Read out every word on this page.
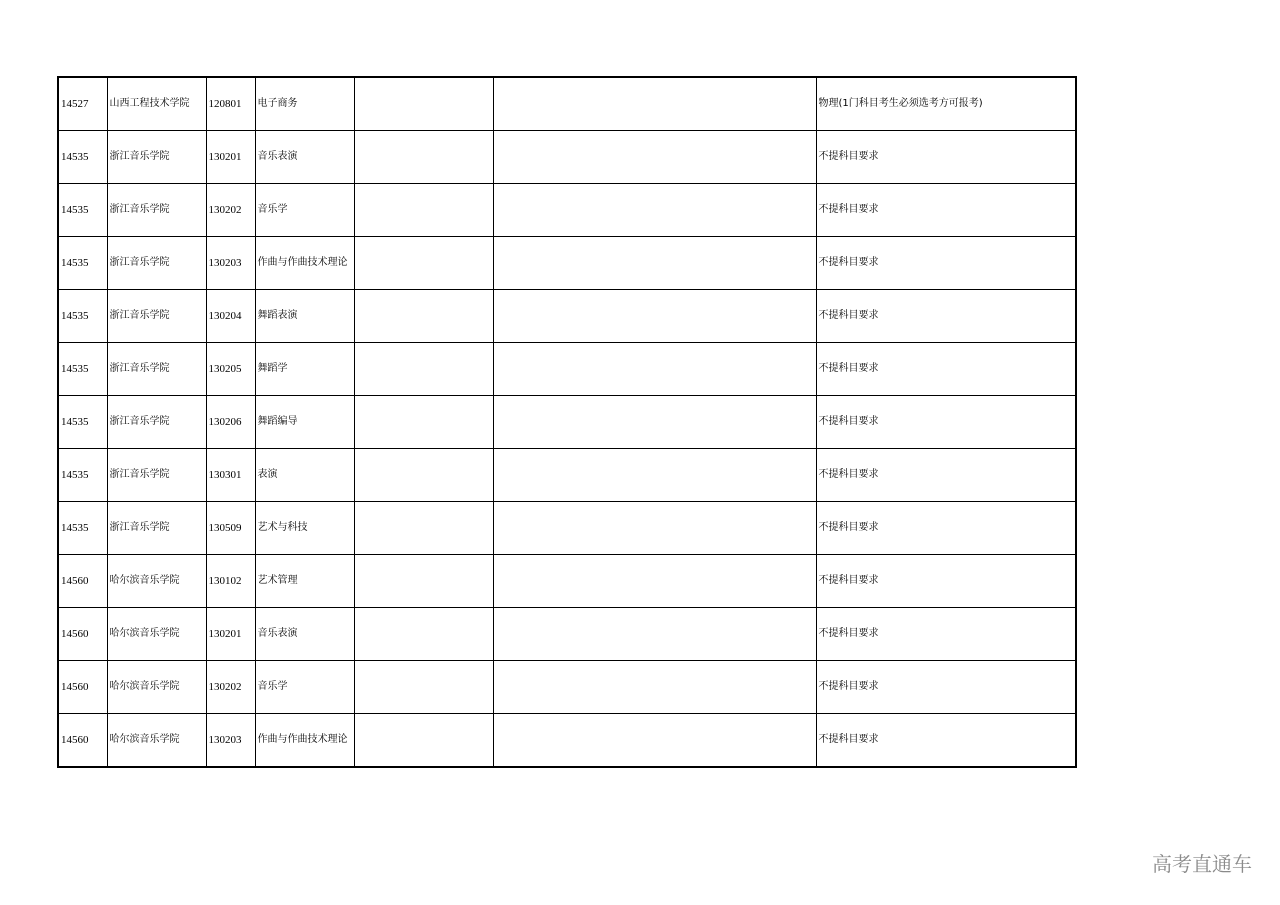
14527	山西工程技术学院	120801	电子商务			物理(1门科目考生必须选考方可报考)
14535	浙江音乐学院	130201	音乐表演			不提科目要求
14535	浙江音乐学院	130202	音乐学			不提科目要求
14535	浙江音乐学院	130203	作曲与作曲技术理论			不提科目要求
14535	浙江音乐学院	130204	舞蹈表演			不提科目要求
14535	浙江音乐学院	130205	舞蹈学			不提科目要求
14535	浙江音乐学院	130206	舞蹈编导			不提科目要求
14535	浙江音乐学院	130301	表演			不提科目要求
14535	浙江音乐学院	130509	艺术与科技			不提科目要求
14560	哈尔滨音乐学院	130102	艺术管理			不提科目要求
14560	哈尔滨音乐学院	130201	音乐表演			不提科目要求
14560	哈尔滨音乐学院	130202	音乐学			不提科目要求
14560	哈尔滨音乐学院	130203	作曲与作曲技术理论			不提科目要求
高考直通车
